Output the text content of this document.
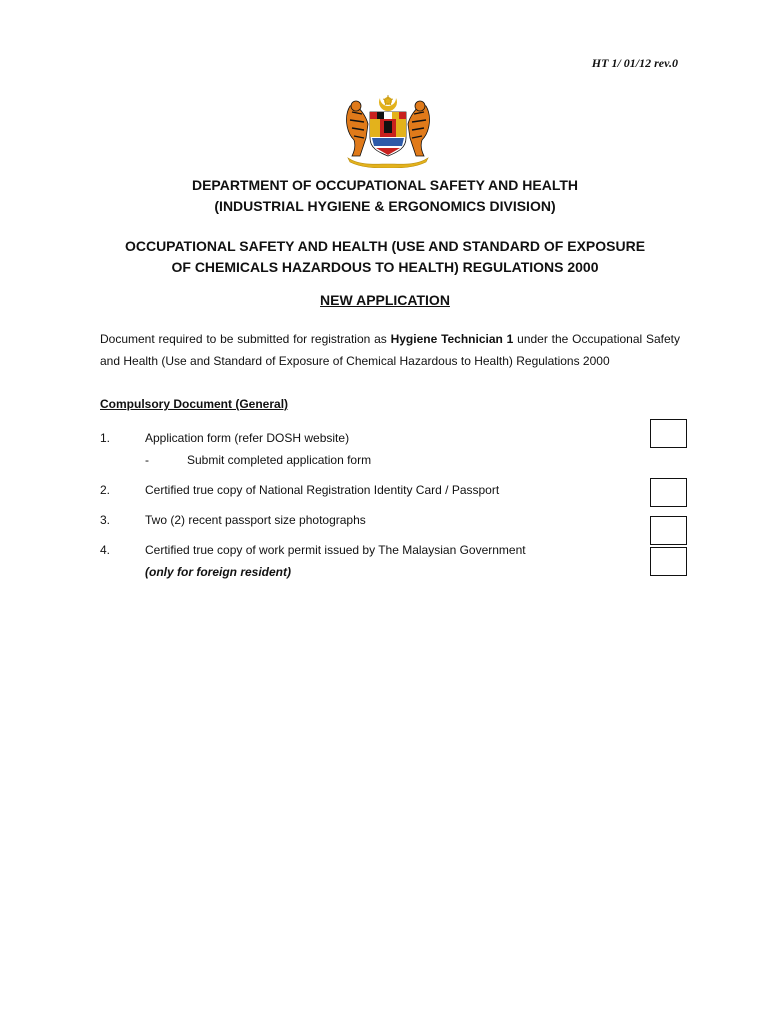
HT 1/ 01/12 rev.0
DEPARTMENT OF OCCUPATIONAL SAFETY AND HEALTH
(INDUSTRIAL HYGIENE & ERGONOMICS DIVISION)
OCCUPATIONAL SAFETY AND HEALTH (USE AND STANDARD OF EXPOSURE
OF CHEMICALS HAZARDOUS TO HEALTH) REGULATIONS 2000
NEW APPLICATION
Document required to be submitted for registration as Hygiene Technician 1 under the Occupational Safety and Health (Use and Standard of Exposure of Chemical Hazardous to Health) Regulations 2000
Compulsory Document (General)
1.	Application form (refer DOSH website)
-	Submit completed application form
2.	Certified true copy of National Registration Identity Card / Passport
3.	Two (2) recent passport size photographs
4.	Certified true copy of work permit issued by The Malaysian Government
(only for foreign resident)
